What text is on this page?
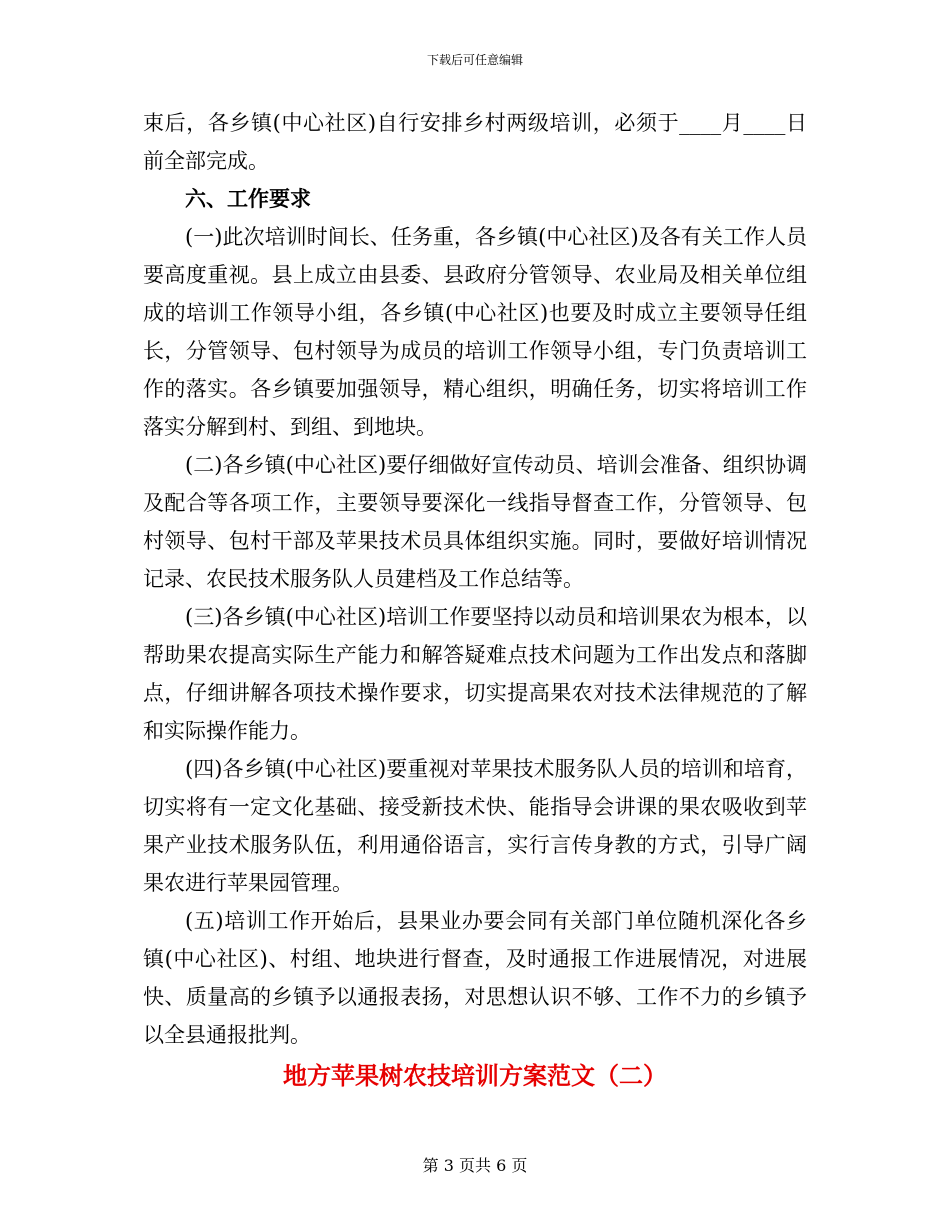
下载后可任意编辑

束后，各乡镇(中心社区)自行安排乡村两级培训，必须于____月____日前全部完成。

六、工作要求

(一)此次培训时间长、任务重，各乡镇(中心社区)及各有关工作人员要高度重视。县上成立由县委、县政府分管领导、农业局及相关单位组成的培训工作领导小组，各乡镇(中心社区)也要及时成立主要领导任组长，分管领导、包村领导为成员的培训工作领导小组，专门负责培训工作的落实。各乡镇要加强领导，精心组织，明确任务，切实将培训工作落实分解到村、到组、到地块。

(二)各乡镇(中心社区)要仔细做好宣传动员、培训会准备、组织协调及配合等各项工作，主要领导要深化一线指导督查工作，分管领导、包村领导、包村干部及苹果技术员具体组织实施。同时，要做好培训情况记录、农民技术服务队人员建档及工作总结等。

(三)各乡镇(中心社区)培训工作要坚持以动员和培训果农为根本，以帮助果农提高实际生产能力和解答疑难点技术问题为工作出发点和落脚点，仔细讲解各项技术操作要求，切实提高果农对技术法律规范的了解和实际操作能力。

(四)各乡镇(中心社区)要重视对苹果技术服务队人员的培训和培育，切实将有一定文化基础、接受新技术快、能指导会讲课的果农吸收到苹果产业技术服务队伍，利用通俗语言，实行言传身教的方式，引导广阔果农进行苹果园管理。

(五)培训工作开始后，县果业办要会同有关部门单位随机深化各乡镇(中心社区)、村组、地块进行督查，及时通报工作进展情况，对进展快、质量高的乡镇予以通报表扬，对思想认识不够、工作不力的乡镇予以全县通报批判。

地方苹果树农技培训方案范文（二）
第 3 页共 6 页
